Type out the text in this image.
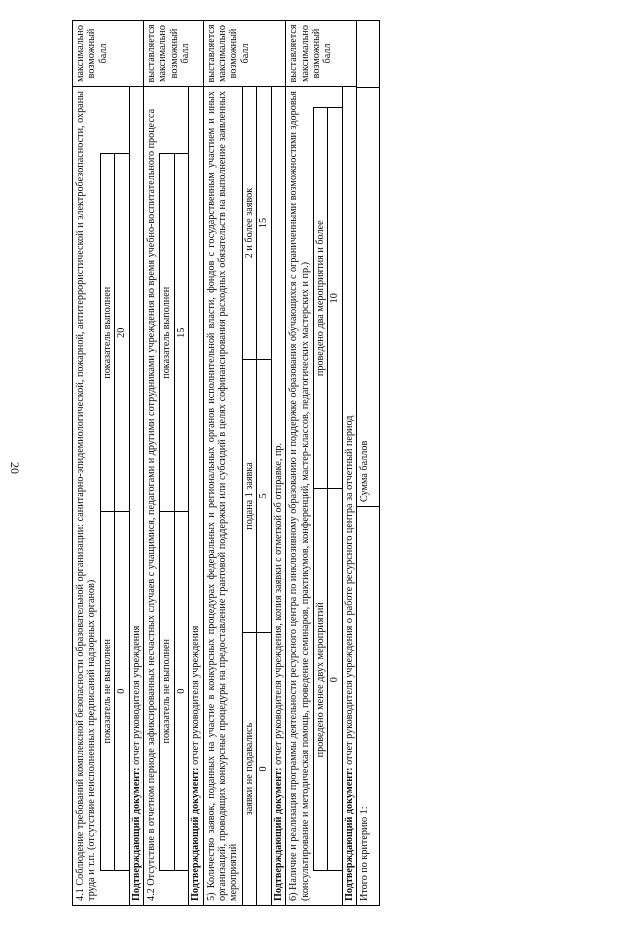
20	4.1 Соблюдение требований комплексной безопасности образовательной организации: санитарно-эпидемиологической, пожарной, антитеррористической и электробезопасности, охраны труда и т.п. (отсутствие неисполненных предписаний надзорных органов) показатель не выполнен
показатель выполнен
0
20
Подтверждающий документ: отчет руководителя учреждения
максимально возможный балл
4.2 Отсутствие в отчетном периоде зафиксированных несчастных случаев с учащимися, педагогами и другими сотрудниками учреждения во время учебно-воспитательного процесса показатель не выполнен
показатель выполнен
0
15
Подтверждающий документ: отчет руководителя учреждения
выставляется максимально возможный балл
5) Количество заявок, поданных на участие в конкурсных процедурах федеральных и региональных органов исполнительной власти, фондов с государственным участием и иных организаций, проводящих конкурсные процедуры на предоставление грантовой поддержки или субсидий в целях софинансирования расходных обязательств на выполнение заявленных мероприятий
заявки не подавались
подана 1 заявка
2 и более заявок
0
5
15
Подтверждающий документ: отчет руководителя учреждения, копия заявки с отметкой об отправке, пр.
выставляется максимально возможный балл
6) Наличие и реализация программы деятельности ресурсного центра по инклюзивному образованию и поддержке образования обучающихся с ограниченными возможностями здоровья (консультирование и методическая помощь, проведение семинаров, практикумов, конференций, мастер-классов, педагогических мастерских и пр.) проведено менее двух мероприятий
проведено два мероприятия и более
0
10
Подтверждающий документ: отчет руководителя учреждения о работе ресурсного центра за отчетный период
выставляется максимально возможный балл
Итого по критерию 1:
Сумма баллов
